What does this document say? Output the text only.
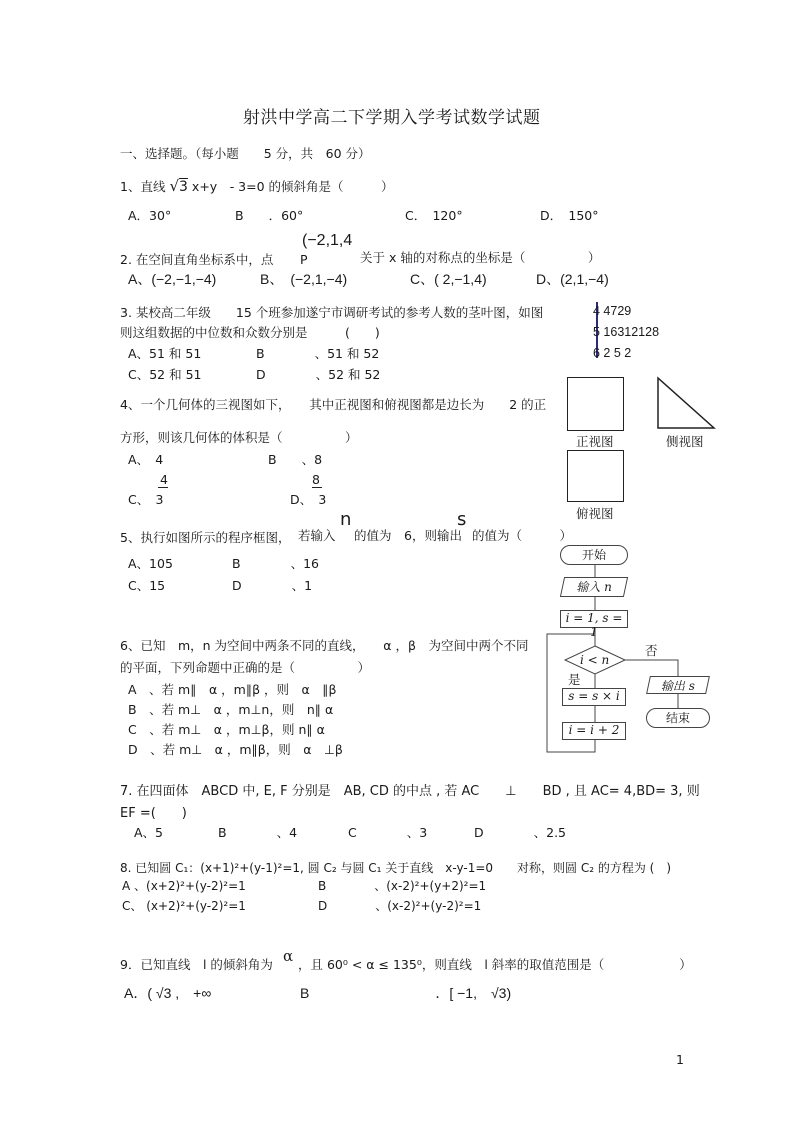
射洪中学高二下学期入学考试数学试题
一、选择题。（每小题　　5 分，共　60 分）
1、直线 √3 x+y　- 3=0 的倾斜角是（　　　）
A．30°	B　　．60°	C．　120°	D．　150°
2. 在空间直角坐标系中，点 P
(−2,1,4
关于 x 轴的对称点的坐标是（　　　　　）
A、(−2,−1,−4)	B、　(−2,1,−4)	C、( 2,−1,4)	D、(2,1,−4)
3. 某校高二年级　　15 个班参加遂宁市调研考试的参考人数的茎叶图，如图
则这组数据的中位数和众数分别是　　　(　　)
A、51 和 51	B　　　　、51 和 52
C、52 和 51	D　　　　、52 和 52
4 4729
5 16312128
6 2 5 2
4、一个几何体的三视图如下，　　其中正视图和俯视图都是边长为　　2 的正
方形，则该几何体的体积是（　　　　　）
A、　4	B　　、8
4	8
C、　3	D、　3
正视图	侧视图
俯视图
5、执行如图所示的程序框图， 若输入
n
的值为　6，则输出
s
的值为（　　　）
A、105	B　　　　、16
C、15	D　　　　、1
开始
输入 n
i = 1, s = 1
i < n
否
是
s = s × i
i = i + 2
输出 s
结束
6、已知　m，n 为空间中两条不同的直线，　　α ，β　为空间中两个不同
的平面，下列命题中正确的是（　　　　　）
A　、若 m∥　α ，m∥β ，则　α　∥β
B　、若 m⊥　α ，m⊥n，则　n∥ α
C　、若 m⊥　α ，m⊥β，则 n∥ α
D　、若 m⊥　α ，m∥β，则　α　⊥β
7. 在四面体　ABCD 中, E, F 分别是　AB, CD 的中点 , 若 AC　　⊥　　BD , 且 AC= 4,BD= 3, 则
EF =(　　)
A、5	B　　　　、4	C　　　　、3	D　　　　、2.5
8. 已知圆 C₁：(x+1)²+(y-1)²=1, 圆 C₂ 与圆 C₁ 关于直线　x-y-1=0　　对称，则圆 C₂ 的方程为 (　)
A 、(x+2)²+(y-2)²=1	B　　　　、(x-2)²+(y+2)²=1
C、 (x+2)²+(y-2)²=1	D　　　　、(x-2)²+(y-2)²=1
9．已知直线　l 的倾斜角为 α ，且 60⁰ < α ≤ 135⁰，则直线　l 斜率的取值范围是（　　　　　　）
A．( √3 ,　+∞	B　　　　　　　　　．[ −1,　√3)
1
